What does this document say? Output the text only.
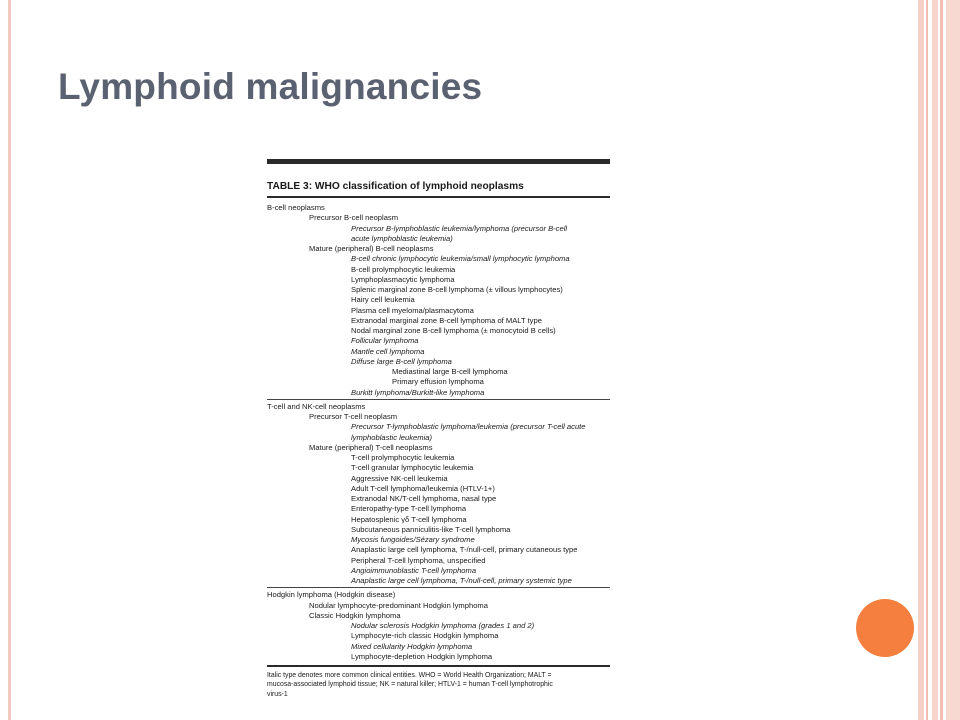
Lymphoid malignancies
TABLE 3: WHO classification of lymphoid neoplasms
B-cell neoplasms
Precursor B-cell neoplasm
Precursor B-lymphoblastic leukemia/lymphoma (precursor B-cell
acute lymphoblastic leukemia)
Mature (peripheral) B-cell neoplasms
B-cell chronic lymphocytic leukemia/small lymphocytic lymphoma
B-cell prolymphocytic leukemia
Lymphoplasmacytic lymphoma
Splenic marginal zone B-cell lymphoma (± villous lymphocytes)
Hairy cell leukemia
Plasma cell myeloma/plasmacytoma
Extranodal marginal zone B-cell lymphoma of MALT type
Nodal marginal zone B-cell lymphoma (± monocytoid B cells)
Follicular lymphoma
Mantle cell lymphoma
Diffuse large B-cell lymphoma
Mediastinal large B-cell lymphoma
Primary effusion lymphoma
Burkitt lymphoma/Burkitt-like lymphoma
T-cell and NK-cell neoplasms
Precursor T-cell neoplasm
Precursor T-lymphoblastic lymphoma/leukemia (precursor T-cell acute
lymphoblastic leukemia)
Mature (peripheral) T-cell neoplasms
T-cell prolymphocytic leukemia
T-cell granular lymphocytic leukemia
Aggressive NK-cell leukemia
Adult T-cell lymphoma/leukemia (HTLV-1+)
Extranodal NK/T-cell lymphoma, nasal type
Enteropathy-type T-cell lymphoma
Hepatosplenic γδ T-cell lymphoma
Subcutaneous panniculitis-like T-cell lymphoma
Mycosis fungoides/Sézary syndrome
Anaplastic large cell lymphoma, T-/null-cell, primary cutaneous type
Peripheral T-cell lymphoma, unspecified
Angioimmunoblastic T-cell lymphoma
Anaplastic large cell lymphoma, T-/null-cell, primary systemic type
Hodgkin lymphoma (Hodgkin disease)
Nodular lymphocyte-predominant Hodgkin lymphoma
Classic Hodgkin lymphoma
Nodular sclerosis Hodgkin lymphoma (grades 1 and 2)
Lymphocyte-rich classic Hodgkin lymphoma
Mixed cellularity Hodgkin lymphoma
Lymphocyte-depletion Hodgkin lymphoma
Italic type denotes more common clinical entities. WHO = World Health Organization; MALT =
mucosa-associated lymphoid tissue; NK = natural killer; HTLV-1 = human T-cell lymphotrophic
virus-1
